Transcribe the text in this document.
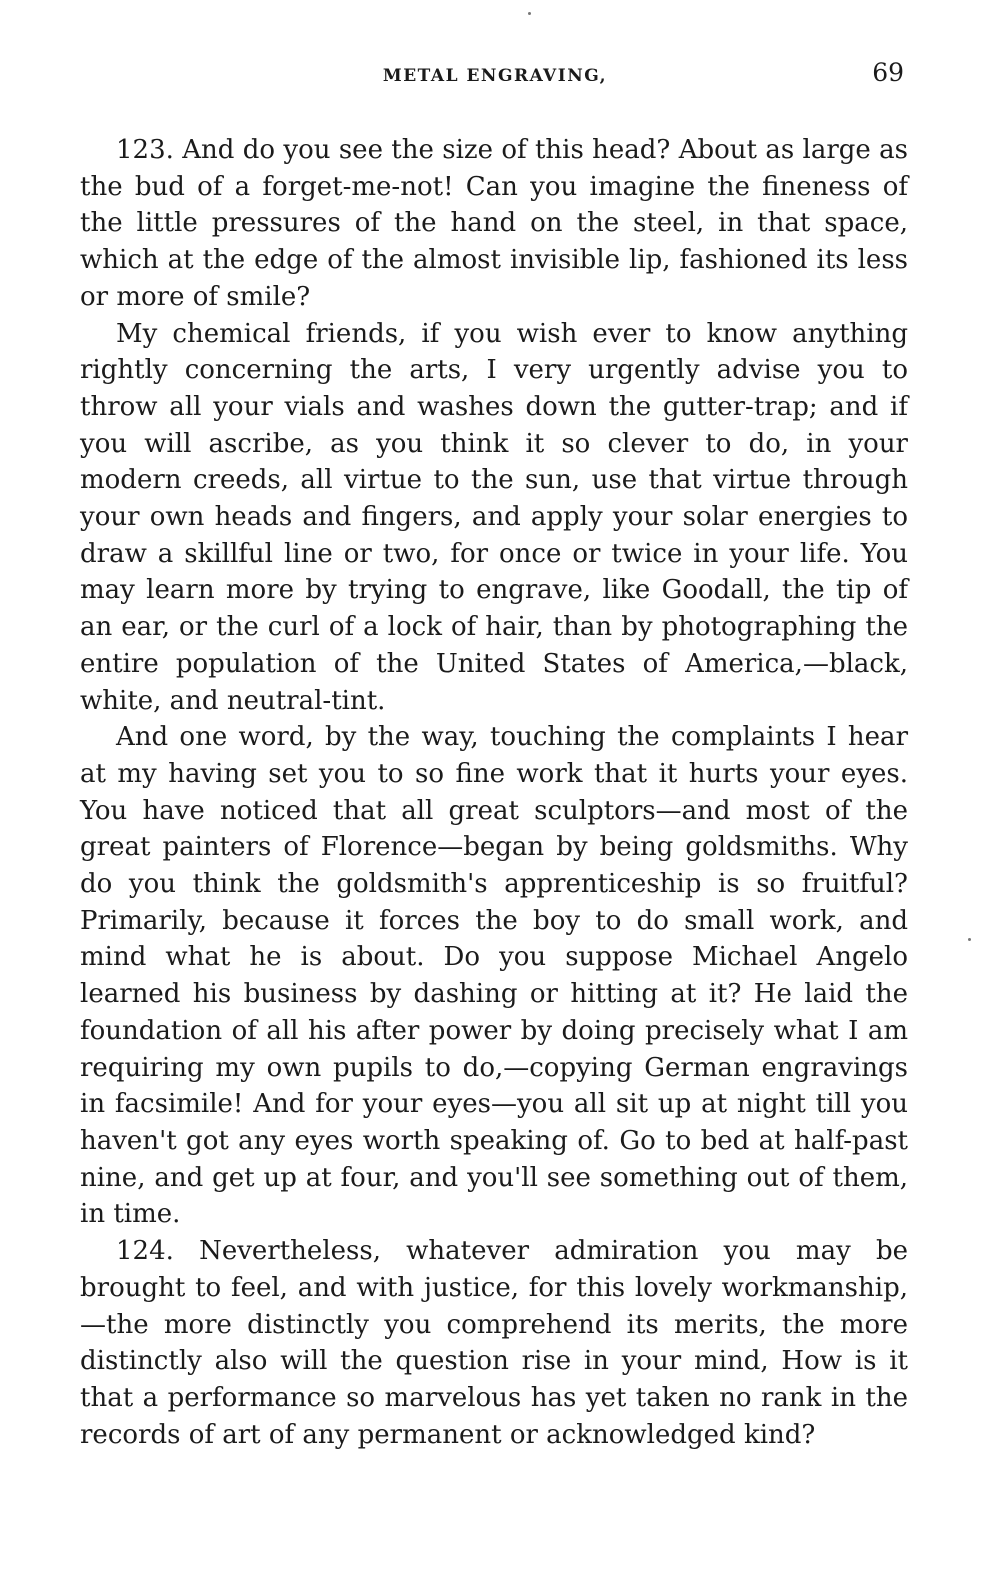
METAL ENGRAVING,	69

123. And do you see the size of this head? About as large as the bud of a forget-me-not! Can you imagine the fineness of the little pressures of the hand on the steel, in that space, which at the edge of the almost invisible lip, fashioned its less or more of smile?

My chemical friends, if you wish ever to know anything rightly concerning the arts, I very urgently advise you to throw all your vials and washes down the gutter-trap; and if you will ascribe, as you think it so clever to do, in your modern creeds, all virtue to the sun, use that virtue through your own heads and fingers, and apply your solar energies to draw a skillful line or two, for once or twice in your life. You may learn more by trying to engrave, like Goodall, the tip of an ear, or the curl of a lock of hair, than by photographing the entire population of the United States of America,—black, white, and neutral-tint.

And one word, by the way, touching the complaints I hear at my having set you to so fine work that it hurts your eyes. You have noticed that all great sculptors—and most of the great painters of Florence—began by being goldsmiths. Why do you think the goldsmith's apprenticeship is so fruitful? Primarily, because it forces the boy to do small work, and mind what he is about. Do you suppose Michael Angelo learned his business by dashing or hitting at it? He laid the foundation of all his after power by doing precisely what I am requiring my own pupils to do,—copying German engravings in facsimile! And for your eyes—you all sit up at night till you haven't got any eyes worth speaking of. Go to bed at half-past nine, and get up at four, and you'll see something out of them, in time.

124. Nevertheless, whatever admiration you may be brought to feel, and with justice, for this lovely workmanship, —the more distinctly you comprehend its merits, the more distinctly also will the question rise in your mind, How is it that a performance so marvelous has yet taken no rank in the records of art of any permanent or acknowledged kind?
